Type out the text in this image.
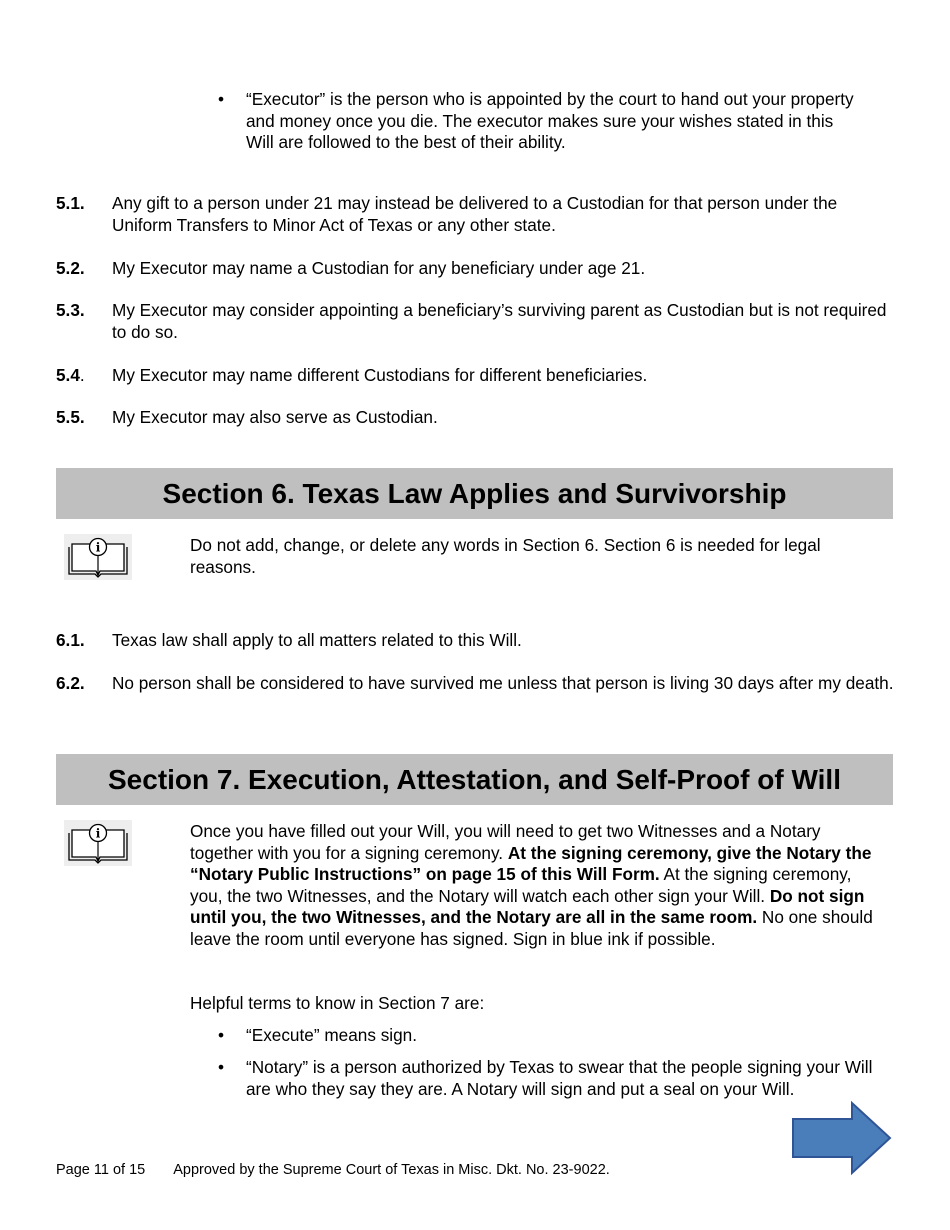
•	“Executor” is the person who is appointed by the court to hand out your property and money once you die. The executor makes sure your wishes stated in this Will are followed to the best of their ability.
5.1.	Any gift to a person under 21 may instead be delivered to a Custodian for that person under the Uniform Transfers to Minor Act of Texas or any other state.
5.2.	My Executor may name a Custodian for any beneficiary under age 21.
5.3.	My Executor may consider appointing a beneficiary’s surviving parent as Custodian but is not required to do so.
5.4.	My Executor may name different Custodians for different beneficiaries.
5.5.	My Executor may also serve as Custodian.
Section 6. Texas Law Applies and Survivorship
i	Do not add, change, or delete any words in Section 6. Section 6 is needed for legal reasons.
6.1.	Texas law shall apply to all matters related to this Will.
6.2.	No person shall be considered to have survived me unless that person is living 30 days after my death.
Section 7. Execution, Attestation, and Self-Proof of Will
i	Once you have filled out your Will, you will need to get two Witnesses and a Notary together with you for a signing ceremony. At the signing ceremony, give the Notary the “Notary Public Instructions” on page 15 of this Will Form. At the signing ceremony, you, the two Witnesses, and the Notary will watch each other sign your Will. Do not sign until you, the two Witnesses, and the Notary are all in the same room. No one should leave the room until everyone has signed. Sign in blue ink if possible.
Helpful terms to know in Section 7 are:
•	“Execute” means sign.
•	“Notary” is a person authorized by Texas to swear that the people signing your Will are who they say they are. A Notary will sign and put a seal on your Will.
Page 11 of 15 Approved by the Supreme Court of Texas in Misc. Dkt. No. 23-9022.
